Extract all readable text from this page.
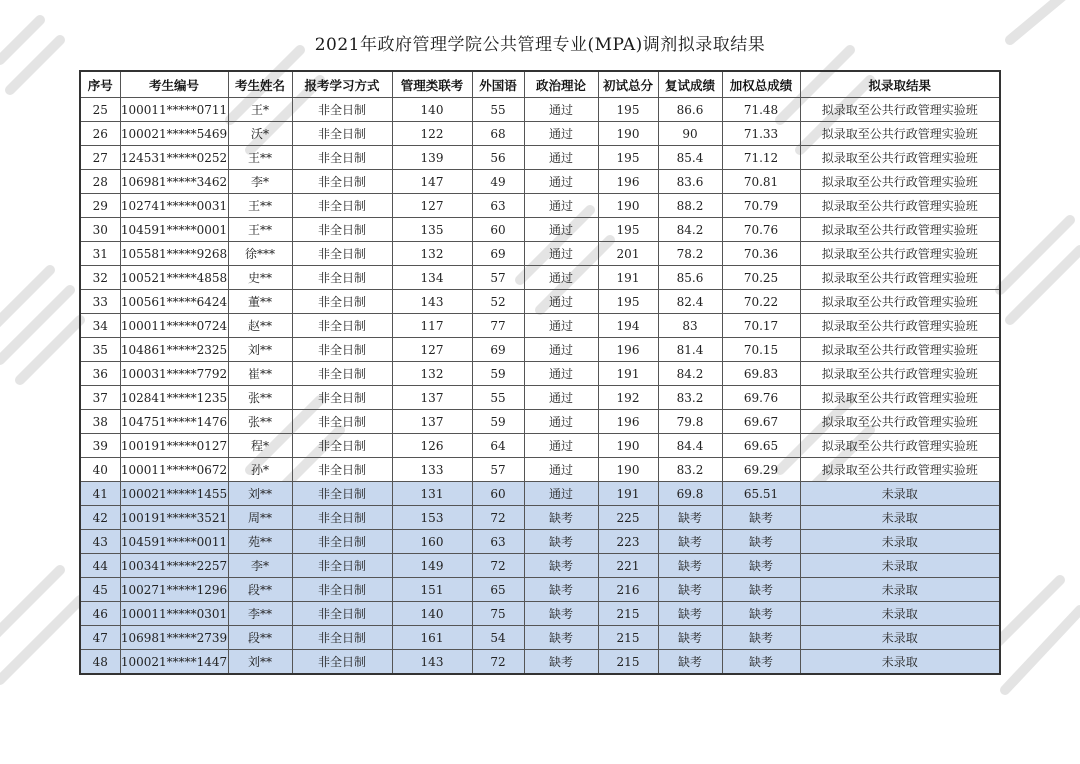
2021年政府管理学院公共管理专业(MPA)调剂拟录取结果
序号	考生编号	考生姓名	报考学习方式	管理类联考	外国语	政治理论	初试总分	复试成绩	加权总成绩	拟录取结果
25	100011*****0711	王*	非全日制	140	55	通过	195	86.6	71.48	拟录取至公共行政管理实验班
26	100021*****5469	沃*	非全日制	122	68	通过	190	90	71.33	拟录取至公共行政管理实验班
27	124531*****0252	王**	非全日制	139	56	通过	195	85.4	71.12	拟录取至公共行政管理实验班
28	106981*****3462	李*	非全日制	147	49	通过	196	83.6	70.81	拟录取至公共行政管理实验班
29	102741*****0031	王**	非全日制	127	63	通过	190	88.2	70.79	拟录取至公共行政管理实验班
30	104591*****0001	王**	非全日制	135	60	通过	195	84.2	70.76	拟录取至公共行政管理实验班
31	105581*****9268	徐***	非全日制	132	69	通过	201	78.2	70.36	拟录取至公共行政管理实验班
32	100521*****4858	史**	非全日制	134	57	通过	191	85.6	70.25	拟录取至公共行政管理实验班
33	100561*****6424	董**	非全日制	143	52	通过	195	82.4	70.22	拟录取至公共行政管理实验班
34	100011*****0724	赵**	非全日制	117	77	通过	194	83	70.17	拟录取至公共行政管理实验班
35	104861*****2325	刘**	非全日制	127	69	通过	196	81.4	70.15	拟录取至公共行政管理实验班
36	100031*****7792	崔**	非全日制	132	59	通过	191	84.2	69.83	拟录取至公共行政管理实验班
37	102841*****1235	张**	非全日制	137	55	通过	192	83.2	69.76	拟录取至公共行政管理实验班
38	104751*****1476	张**	非全日制	137	59	通过	196	79.8	69.67	拟录取至公共行政管理实验班
39	100191*****0127	程*	非全日制	126	64	通过	190	84.4	69.65	拟录取至公共行政管理实验班
40	100011*****0672	孙*	非全日制	133	57	通过	190	83.2	69.29	拟录取至公共行政管理实验班
41	100021*****1455	刘**	非全日制	131	60	通过	191	69.8	65.51	未录取
42	100191*****3521	周**	非全日制	153	72	缺考	225	缺考	缺考	未录取
43	104591*****0011	苑**	非全日制	160	63	缺考	223	缺考	缺考	未录取
44	100341*****2257	李*	非全日制	149	72	缺考	221	缺考	缺考	未录取
45	100271*****1296	段**	非全日制	151	65	缺考	216	缺考	缺考	未录取
46	100011*****0301	李**	非全日制	140	75	缺考	215	缺考	缺考	未录取
47	106981*****2739	段**	非全日制	161	54	缺考	215	缺考	缺考	未录取
48	100021*****1447	刘**	非全日制	143	72	缺考	215	缺考	缺考	未录取
